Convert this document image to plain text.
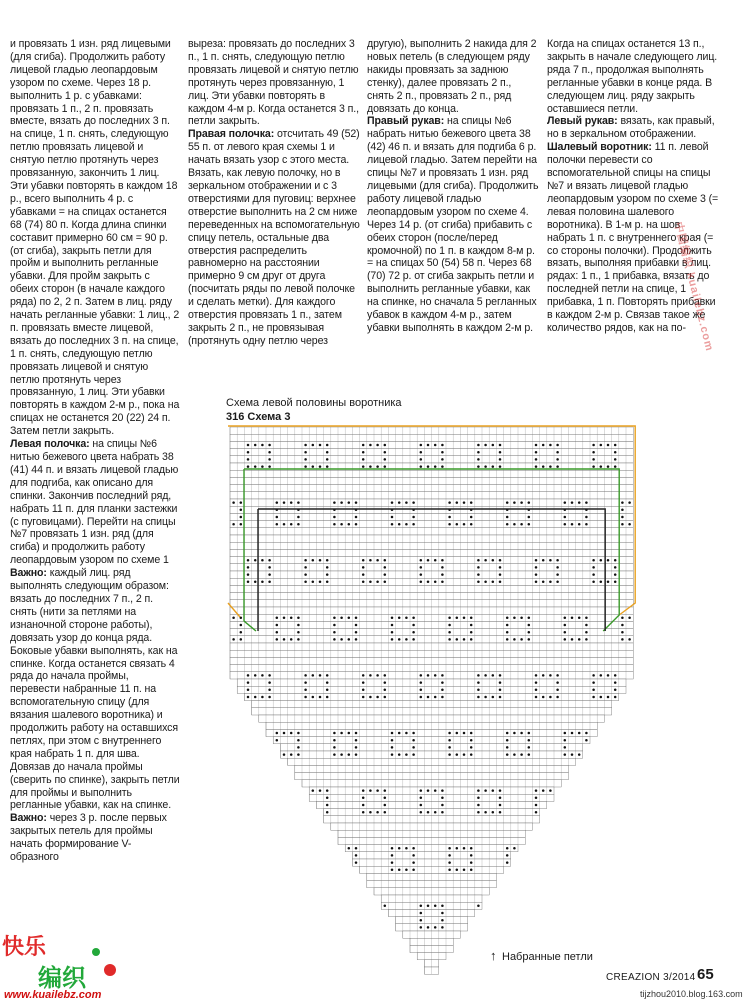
и провязать 1 изн. ряд лицевыми (для сгиба). Продолжить работу лицевой гладью леопардовым узором по схеме. Через 18 р. выполнить 1 р. с убавками: провязать 1 п., 2 п. провязать вместе, вязать до последних 3 п. на спице, 1 п. снять, следующую петлю провязать лицевой и снятую петлю протянуть через провязанную, закончить 1 лиц. Эти убавки повторять в каждом 18 р., всего выполнить 4 р. с убавками = на спицах останется 68 (74) 80 п. Когда длина спинки составит примерно 60 см = 90 р. (от сгиба), закрыть петли для пройм и выполнить регланные убавки. Для пройм закрыть с обеих сторон (в начале каждого ряда) по 2, 2 п. Затем в лиц. ряду начать регланные убавки: 1 лиц., 2 п. провязать вместе лицевой, вязать до последних 3 п. на спице, 1 п. снять, следующую петлю провязать лицевой и снятую петлю протянуть через провязанную, 1 лиц. Эти убавки повторять в каждом 2-м р., пока на спицах не останется 20 (22) 24 п. Затем петли закрыть.

Левая полочка: на спицы №6 нитью бежевого цвета набрать 38 (41) 44 п. и вязать лицевой гладью для подгиба, как описано для спинки. Закончив последний ряд, набрать 11 п. для планки застежки (с пуговицами). Перейти на спицы №7 провязать 1 изн. ряд (для сгиба) и продолжить работу леопардовым узором по схеме 1

Важно: каждый лиц. ряд выполнять следующим образом: вязать до последних 7 п., 2 п. снять (нити за петлями на изнаночной стороне работы), довязать узор до конца ряда. Боковые убавки выполнять, как на спинке. Когда останется связать 4 ряда до начала проймы, перевести набранные 11 п. на вспомогательную спицу (для вязания шалевого воротника) и продолжить работу на оставшихся петлях, при этом с внутреннего края набрать 1 п. для шва. Довязав до начала проймы (сверить по спинке), закрыть петли для проймы и выполнить регланные убавки, как на спинке.

Важно: через 3 р. после первых закрытых петель для проймы начать формирование V-образного

выреза: провязать до последних 3 п., 1 п. снять, следующую петлю провязать лицевой и снятую петлю протянуть через провязанную, 1 лиц. Эти убавки повторять в каждом 4-м р. Когда останется 3 п., петли закрыть.

Правая полочка: отсчитать 49 (52) 55 п. от левого края схемы 1 и начать вязать узор с этого места. Вязать, как левую полочку, но в зеркальном отображении и с 3 отверстиями для пуговиц: верхнее отверстие выполнить на 2 см ниже переведенных на вспомогательную спицу петель, остальные два отверстия распределить равномерно на расстоянии примерно 9 см друг от друга (посчитать ряды по левой полочке и сделать метки). Для каждого отверстия провязать 1 п., затем закрыть 2 п., не провязывая (протянуть одну петлю через

другую), выполнить 2 накида для 2 новых петель (в следующем ряду накиды провязать за заднюю стенку), далее провязать 2 п., снять 2 п., провязать 2 п., ряд довязать до конца.

Правый рукав: на спицы №6 набрать нитью бежевого цвета 38 (42) 46 п. и вязать для подгиба 6 р. лицевой гладью. Затем перейти на спицы №7 и провязать 1 изн. ряд лицевыми (для сгиба). Продолжить работу лицевой гладью леопардовым узором по схеме 4. Через 14 р. (от сгиба) прибавить с обеих сторон (после/перед кромочной) по 1 п. в каждом 8-м р. = на спицах 50 (54) 58 п. Через 68 (70) 72 р. от сгиба закрыть петли и выполнить регланные убавки, как на спинке, но сначала 5 регланных убавок в каждом 4-м р., затем убавки выполнять в каждом 2-м р.

Когда на спицах останется 13 п., закрыть в начале следующего лиц. ряда 7 п., продолжая выполнять регланные убавки в конце ряда. В следующем лиц. ряду закрыть оставшиеся петли.

Левый рукав: вязать, как правый, но в зеркальном отображении.

Шалевый воротник: 11 п. левой полочки перевести со вспомогательной спицы на спицы №7 и вязать лицевой гладью леопардовым узором по схеме 3 (= левая половина шалевого воротника). В 1-м р. на шов набрать 1 п. с внутреннего края (= со стороны полочки). Продолжить вязать, выполняя прибавки в лиц. рядах: 1 п., 1 прибавка, вязать до последней петли на спице, 1 прибавка, 1 п. Повторять прибавки в каждом 2-м р. Связав такое же количество рядов, как на по-

Схема левой половины воротника
316 Схема 3
↑ Набранные петли
快乐
编织
www.kuailebz.com
中国编织 kuailebz.com
CREAZION 3/2014 65
tijzhou2010.blog.163.com
